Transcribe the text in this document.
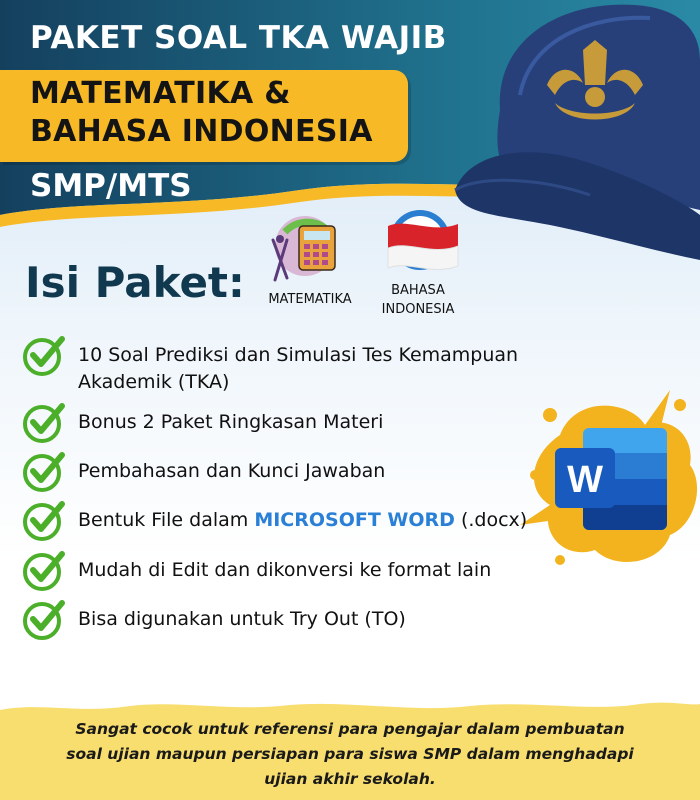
PAKET SOAL TKA WAJIB
MATEMATIKA &
BAHASA INDONESIA
SMP/MTS
Isi Paket:	MATEMATIKA
BAHASA
INDONESIA
W
10 Soal Prediksi dan Simulasi Tes Kemampuan
Akademik (TKA)
Bonus 2 Paket Ringkasan Materi
Pembahasan dan Kunci Jawaban
Bentuk File dalam MICROSOFT WORD (.docx)
Mudah di Edit dan dikonversi ke format lain
Bisa digunakan untuk Try Out (TO)
Sangat cocok untuk referensi para pengajar dalam pembuatan
soal ujian maupun persiapan para siswa SMP dalam menghadapi
ujian akhir sekolah.
